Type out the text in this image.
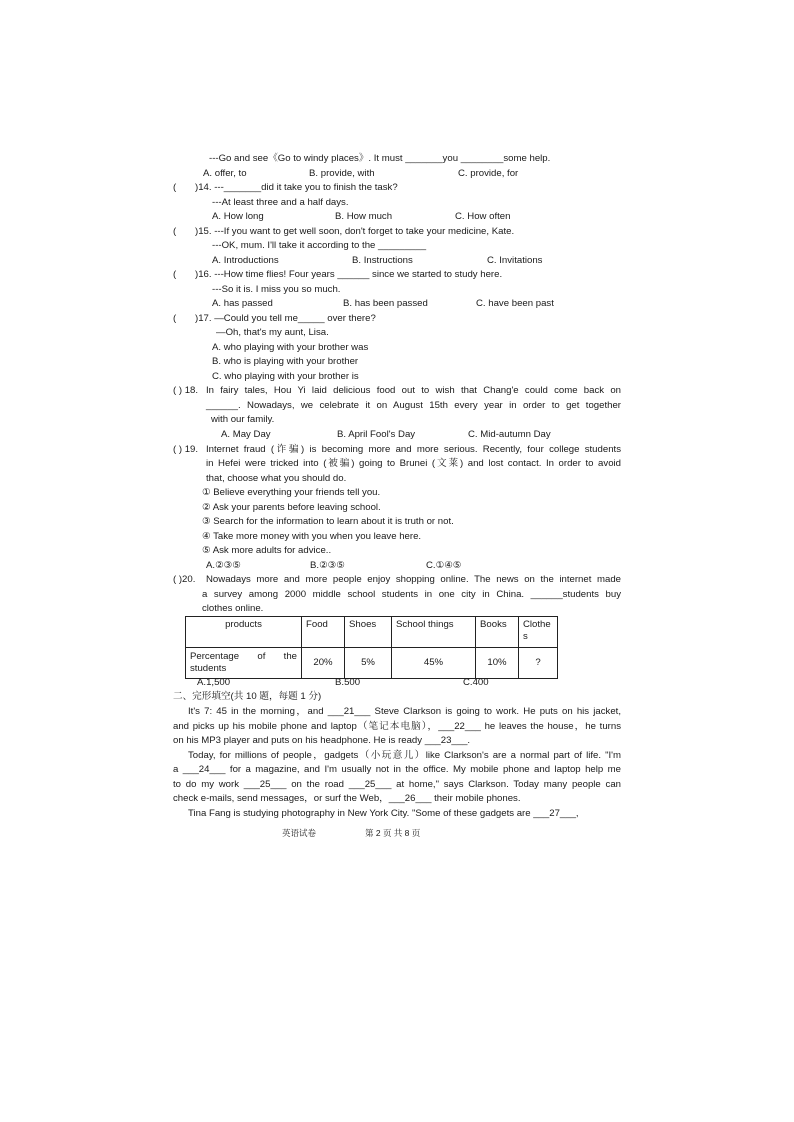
---Go and see《Go to windy places》. It must _______you ________some help.
A. offer, to	B. provide, with	C. provide, for
( )14. ---_______did it take you to finish the task?
---At least three and a half days.
A. How long	B. How much	C. How often
( )15. ---If you want to get well soon, don't forget to take your medicine, Kate.
---OK, mum. I'll take it according to the _________
A. Introductions	B. Instructions	C. Invitations
( )16. ---How time flies! Four years ______ since we started to study here.
---So it is. I miss you so much.
A. has passed	B. has been passed	C. have been past
( )17. —Could you tell me_____ over there?
—Oh, that's my aunt, Lisa.
A. who playing with your brother was
B. who is playing with your brother
C. who playing with your brother is
( ) 18. In fairy tales, Hou Yi laid delicious food out to wish that Chang'e could come back on
______. Nowadays, we celebrate it on August 15th every year in order to get together
with our family.
A. May Day	B. April Fool's Day	C. Mid-autumn Day
( ) 19. Internet fraud (诈骗) is becoming more and more serious. Recently, four college students
in Hefei were tricked into (被骗) going to Brunei (文莱) and lost contact. In order to avoid
that, choose what you should do.
① Believe everything your friends tell you.
② Ask your parents before leaving school.
③ Search for the information to learn about it is truth or not.
④ Take more money with you when you leave here.
⑤ Ask more adults for advice..
A.②③⑤	B.②③⑤	C.①④⑤
( )20. Nowadays more and more people enjoy shopping online. The news on the internet made
a survey among 2000 middle school students in one city in China. ______students buy
clothes online.
products	Food	Shoes	School things	Books	Clothes
Percentage of the students	20%	5%	45%	10%	?
A.1,500	B.500	C.400
二、完形填空(共 10 题，每题 1 分)
It's 7: 45 in the morning，and ___21___ Steve Clarkson is going to work. He puts on his jacket,
and picks up his mobile phone and laptop（笔记本电脑），___22___ he leaves the house，he turns
on his MP3 player and puts on his headphone. He is ready ___23___.
Today, for millions of people，gadgets（小玩意儿）like Clarkson's are a normal part of life. "I'm
a ___24___ for a magazine, and I'm usually not in the office. My mobile phone and laptop help me
to do my work ___25___ on the road ___25___ at home," says Clarkson. Today many people can
check e-mails, send messages，or surf the Web，___26___ their mobile phones.
Tina Fang is studying photography in New York City. "Some of these gadgets are ___27___,
英语试卷	第 2 页 共 8 页
